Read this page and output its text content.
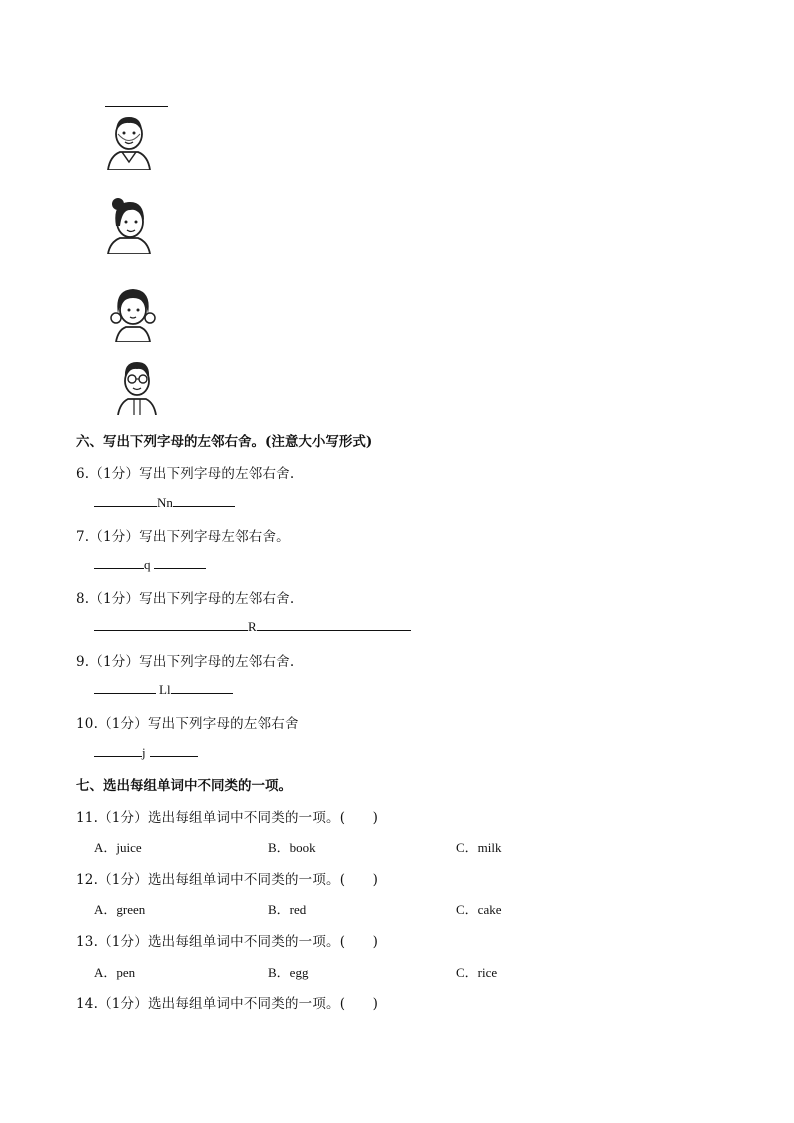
六、写出下列字母的左邻右舍。(注意大小写形式)
6.（1分）写出下列字母的左邻右舍.
Nn
7.（1分）写出下列字母左邻右舍。
q
8.（1分）写出下列字母的左邻右舍.
R
9.（1分）写出下列字母的左邻右舍.
Ll
10.（1分）写出下列字母的左邻右舍
j
七、选出每组单词中不同类的一项。
11.（1分）选出每组单词中不同类的一项。(　　)
A．juice	B．book	C．milk
12.（1分）选出每组单词中不同类的一项。(　　)
A．green	B．red	C．cake
13.（1分）选出每组单词中不同类的一项。(　　)
A．pen	B．egg	C．rice
14.（1分）选出每组单词中不同类的一项。(　　)
